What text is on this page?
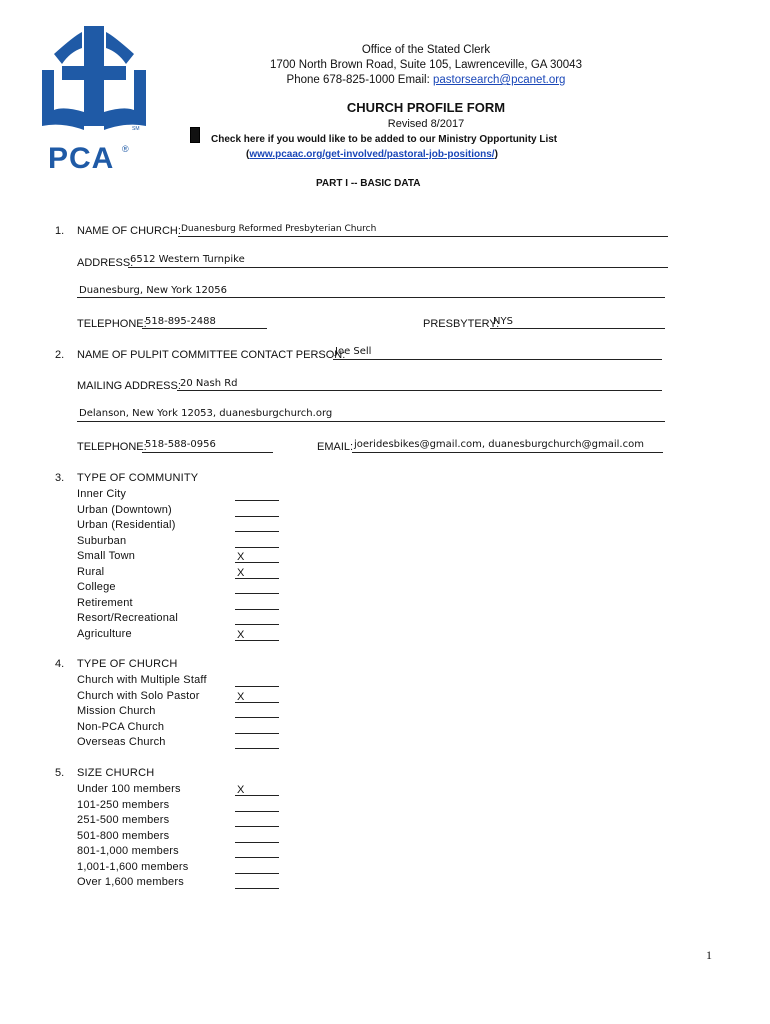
SM
PCA ®
Office of the Stated Clerk
1700 North Brown Road, Suite 105, Lawrenceville, GA 30043
Phone 678-825-1000 Email: pastorsearch@pcanet.org
CHURCH PROFILE FORM
Revised 8/2017
Check here if you would like to be added to our Ministry Opportunity List
(www.pcaac.org/get-involved/pastoral-job-positions/)
PART I -- BASIC DATA
1. NAME OF CHURCH: Duanesburg Reformed Presbyterian Church
ADDRESS:
6512 Western Turnpike
Duanesburg, New York 12056
TELEPHONE:
518-895-2488	PRESBYTERY:
NYS
2. NAME OF PULPIT COMMITTEE CONTACT PERSON:
Joe Sell
MAILING ADDRESS: 20 Nash Rd
Delanson, New York 12053, duanesburgchurch.org
TELEPHONE:
518-588-0956	EMAIL: joeridesbikes@gmail.com, duanesburgchurch@gmail.com
3. TYPE OF COMMUNITY
Inner City
Urban (Downtown)
Urban (Residential)
Suburban
Small Town	X
Rural	X
College
Retirement
Resort/Recreational
Agriculture	X
4. TYPE OF CHURCH
Church with Multiple Staff
Church with Solo Pastor	X
Mission Church
Non-PCA Church
Overseas Church
5. SIZE CHURCH
Under 100 members	X
101-250 members
251-500 members
501-800 members
801-1,000 members
1,001-1,600 members
Over 1,600 members
1
